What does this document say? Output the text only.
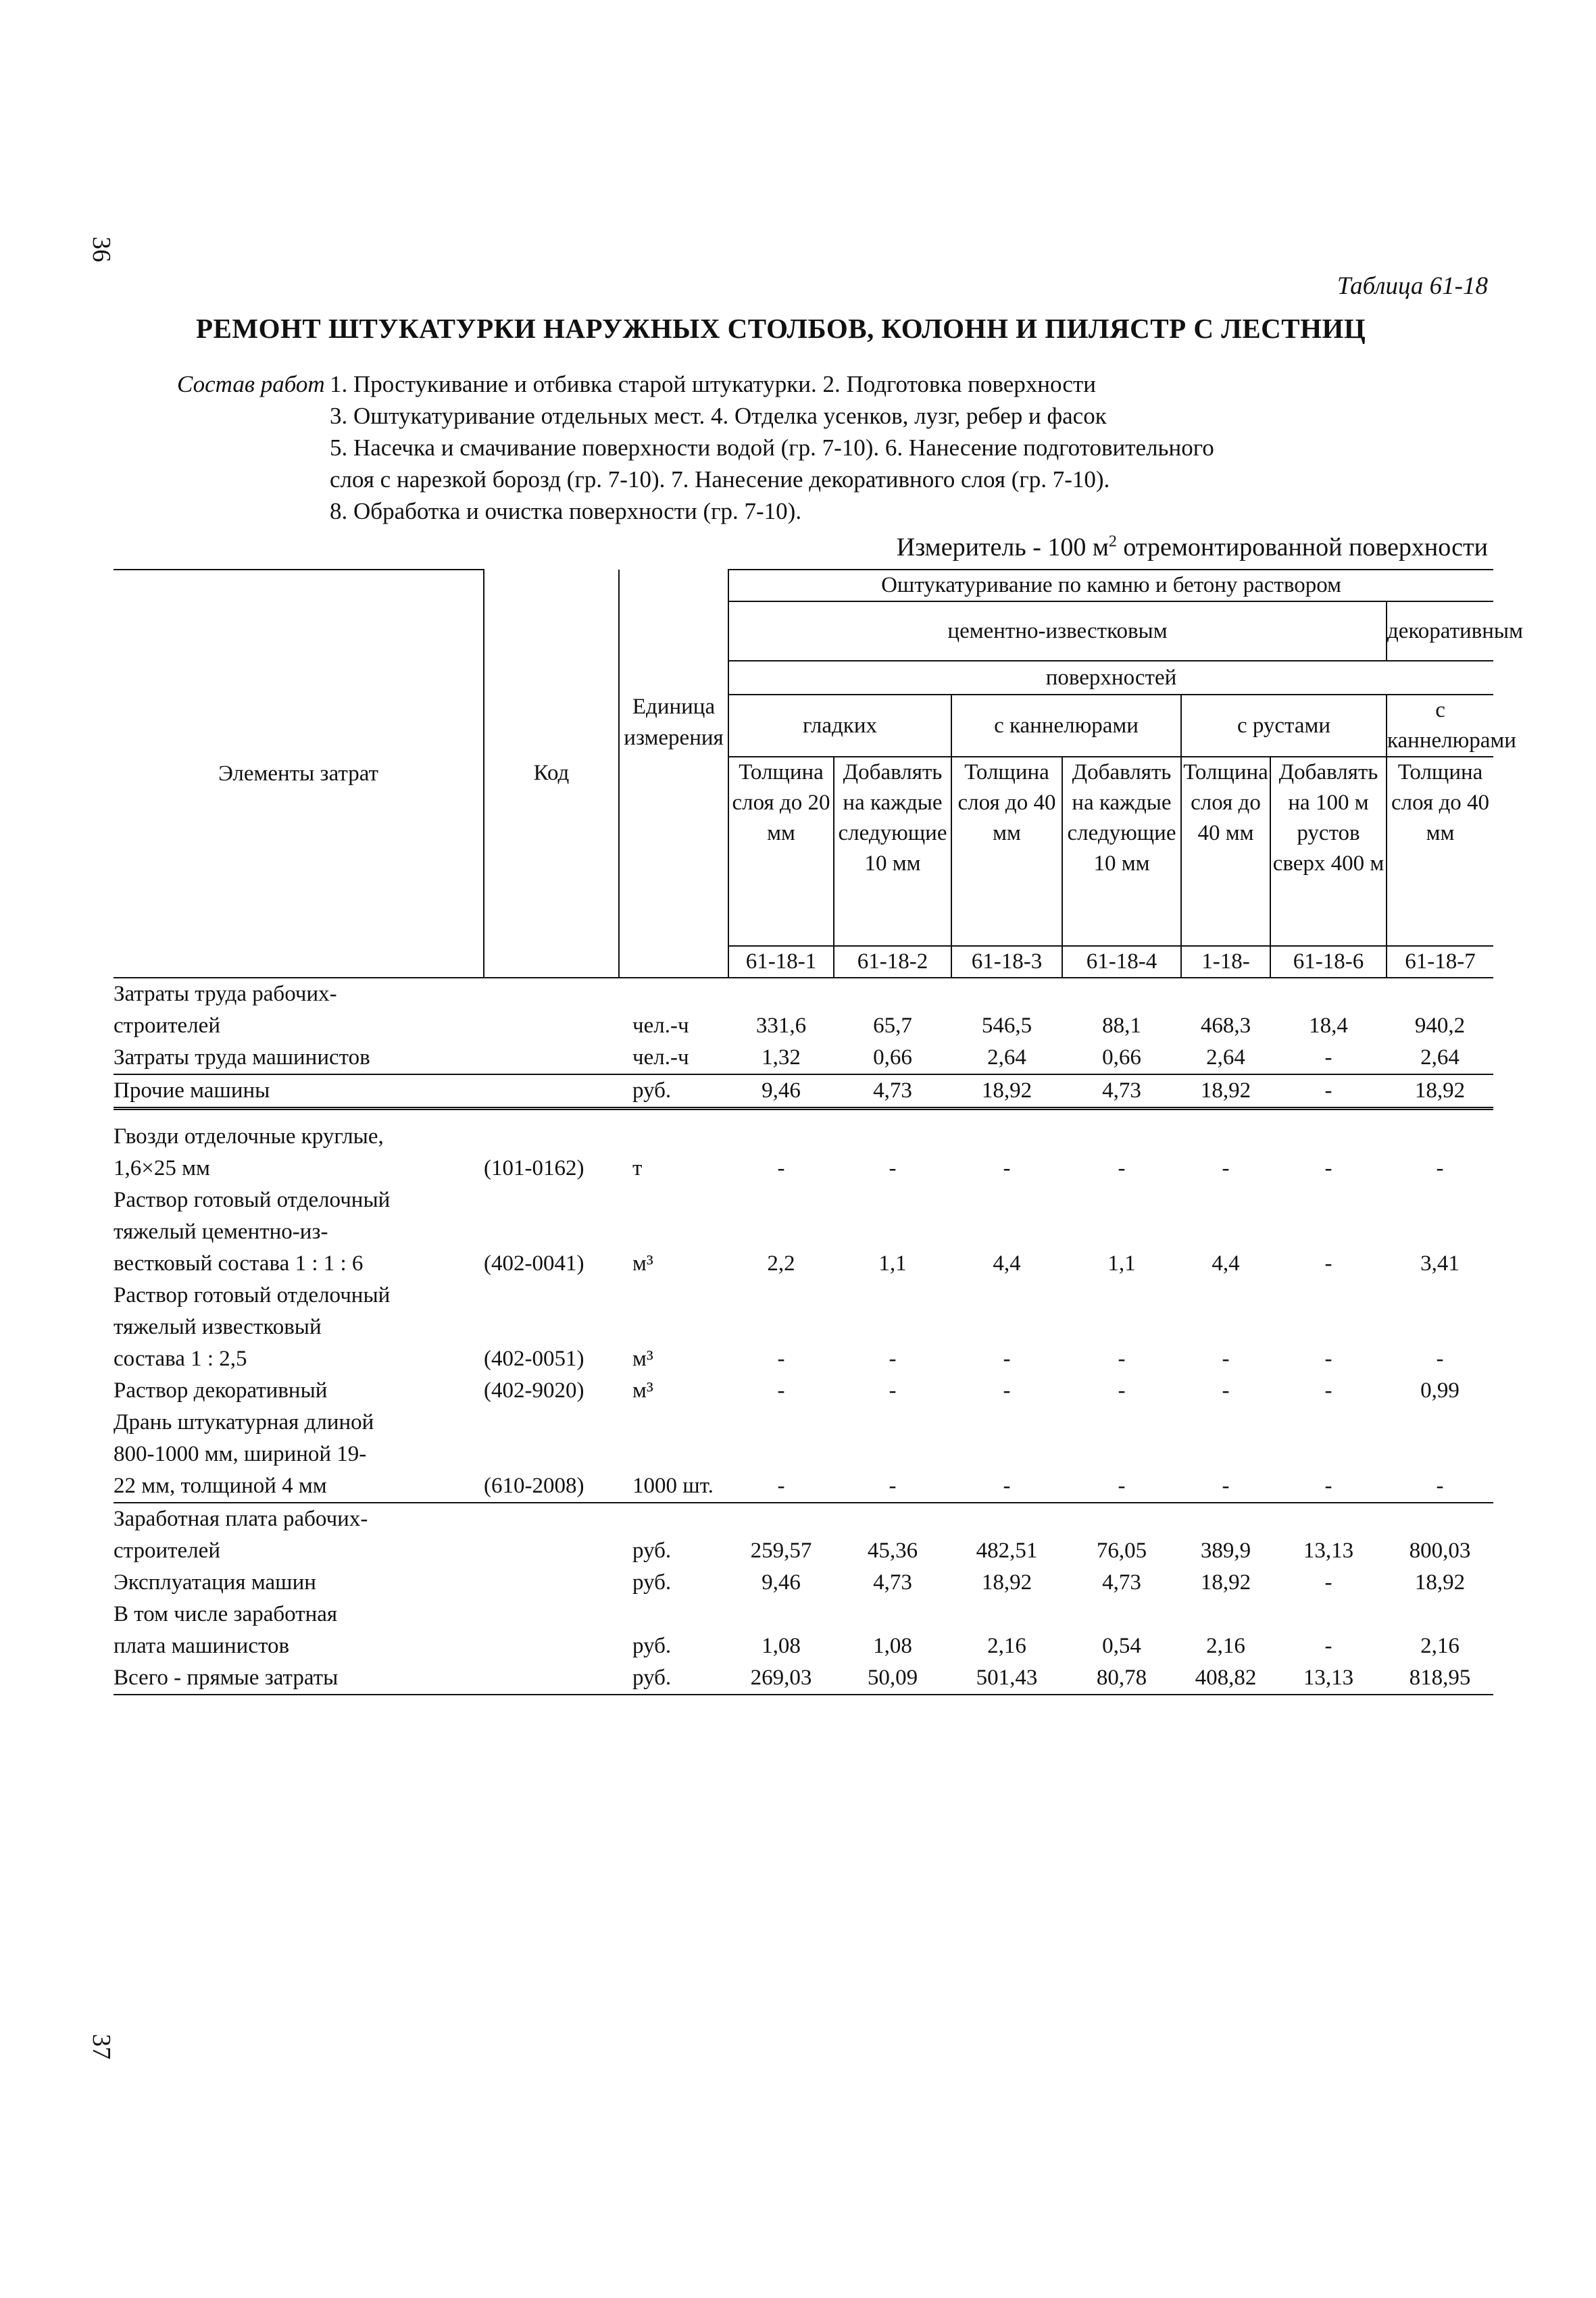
36
37
Таблица 61-18
РЕМОНТ ШТУКАТУРКИ НАРУЖНЫХ СТОЛБОВ, КОЛОНН И ПИЛЯСТР С ЛЕСТНИЦ
Состав работ 1. Простукивание и отбивка старой штукатурки. 2. Подготовка поверхности
3. Оштукатуривание отдельных мест. 4. Отделка усенков, лузг, ребер и фасок
5. Насечка и смачивание поверхности водой (гр. 7-10). 6. Нанесение подготовительного
слоя с нарезкой борозд (гр. 7-10). 7. Нанесение декоративного слоя (гр. 7-10).
8. Обработка и очистка поверхности (гр. 7-10).
Измеритель - 100 $м^2$ отремонтированной поверхности
Элементы затрат	Код	Единица измерения	Оштукатуривание по камню и бетону раствором						
			цементно-известковым						декоративным
			поверхностей						
			гладких		с каннелюрами		с рустами		с каннелюрами
			Толщина слоя до 20 мм	Добавлять на каждые следующие 10 мм	Толщина слоя до 40 мм	Добавлять на каждые следующие 10 мм	Толщина слоя до 40 мм	Добавлять на 100 м рустов сверх 400 м	Толщина слоя до 40 мм
			61-18-1	61-18-2	61-18-3	61-18-4	1-18-	61-18-6	61-18-7
Затраты труда рабочих-									
строителей		чел.-ч	331,6	65,7	546,5	88,1	468,3	18,4	940,2
Затраты труда машинистов		чел.-ч	1,32	0,66	2,64	0,66	2,64	-	2,64
Прочие машины		руб.	9,46	4,73	18,92	4,73	18,92	-	18,92

Гвозди отделочные круглые,									
1,6×25 мм	(101-0162)	т	-	-	-	-	-	-	-
Раствор готовый отделочный									
тяжелый цементно-из-									
вестковый состава 1 : 1 : 6	(402-0041)	м³	2,2	1,1	4,4	1,1	4,4	-	3,41
Раствор готовый отделочный									
тяжелый известковый									
состава 1 : 2,5	(402-0051)	м³	-	-	-	-	-	-	-
Раствор декоративный	(402-9020)	м³	-	-	-	-	-	-	0,99
Дрань штукатурная длиной									
800-1000 мм, шириной 19-									
22 мм, толщиной 4 мм	(610-2008)	1000 шт.	-	-	-	-	-	-	-
Заработная плата рабочих-									
строителей		руб.	259,57	45,36	482,51	76,05	389,9	13,13	800,03
Эксплуатация машин		руб.	9,46	4,73	18,92	4,73	18,92	-	18,92
В том числе заработная									
плата машинистов		руб.	1,08	1,08	2,16	0,54	2,16	-	2,16
Всего - прямые затраты		руб.	269,03	50,09	501,43	80,78	408,82	13,13	818,95
